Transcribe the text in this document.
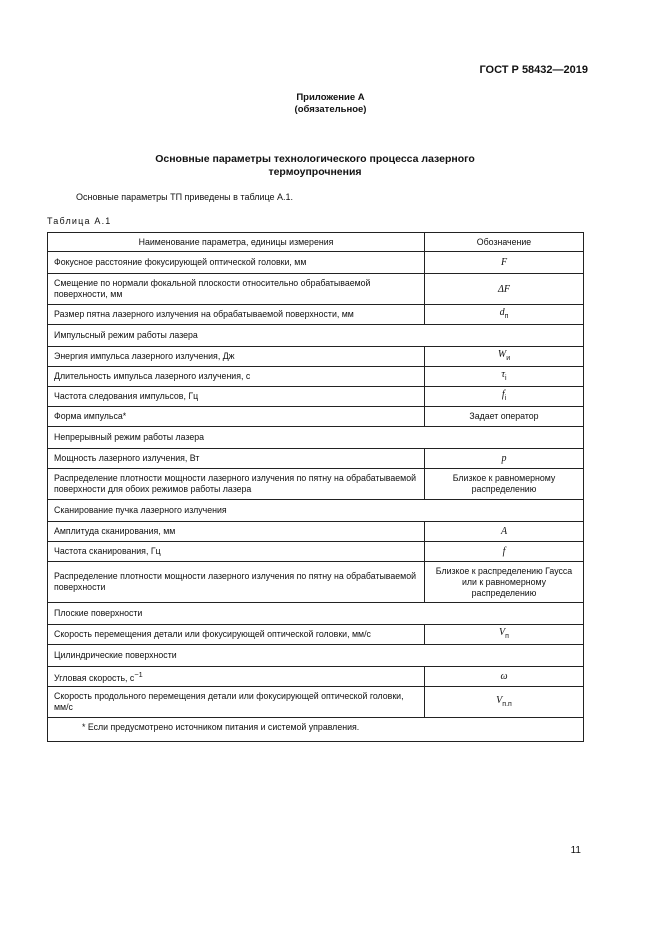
ГОСТ Р 58432—2019
Приложение А
(обязательное)
Основные параметры технологического процесса лазерного
термоупрочнения
Основные параметры ТП приведены в таблице А.1.
Таблица А.1
Наименование параметра, единицы измерения	Обозначение
Фокусное расстояние фокусирующей оптической головки, мм	F
Смещение по нормали фокальной плоскости относительно обрабатываемой поверхности, мм	ΔF
Размер пятна лазерного излучения на обрабатываемой поверхности, мм	$d_п$
Импульсный режим работы лазера	
Энергия импульса лазерного излучения, Дж	$W_и$
Длительность импульса лазерного излучения, с	$\tau_i$
Частота следования импульсов, Гц	$f_i$
Форма импульса*	Задает оператор
Непрерывный режим работы лазера	
Мощность лазерного излучения, Вт	p
Распределение плотности мощности лазерного излучения по пятну на обрабатываемой поверхности для обоих режимов работы лазера	Близкое к равномерному распределению
Сканирование пучка лазерного излучения	
Амплитуда сканирования, мм	A
Частота сканирования, Гц	f
Распределение плотности мощности лазерного излучения по пятну на обрабатываемой поверхности	Близкое к распределению Гаусса или к равномерному распределению
Плоские поверхности	
Скорость перемещения детали или фокусирующей оптической головки, мм/с	$V_п$
Цилиндрические поверхности	
Угловая скорость, $с^{-1}$	ω
Скорость продольного перемещения детали или фокусирующей оптической головки, мм/с	$V_{п.п}$
* Если предусмотрено источником питания и системой управления.	
11
